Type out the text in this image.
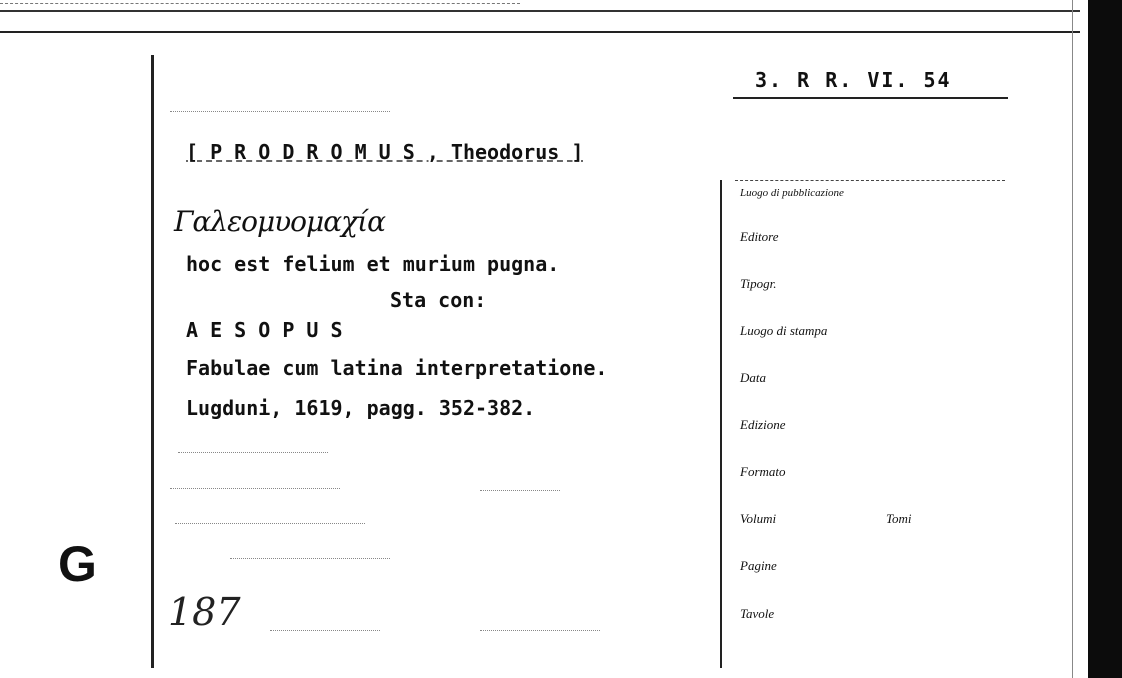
3. R R. VI. 54
[ P R O D R O M U S , Theodorus ]
Γαλεομυομαχία
hoc est felium et murium pugna.
Sta con:
A E S O P U S
Fabulae cum latina interpretatione.
Lugduni, 1619, pagg. 352-382.
187
G
Luogo di pubblicazione
Editore
Tipogr.
Luogo di stampa
Data
Edizione
Formato
Volumi	Tomi
Pagine
Tavole
